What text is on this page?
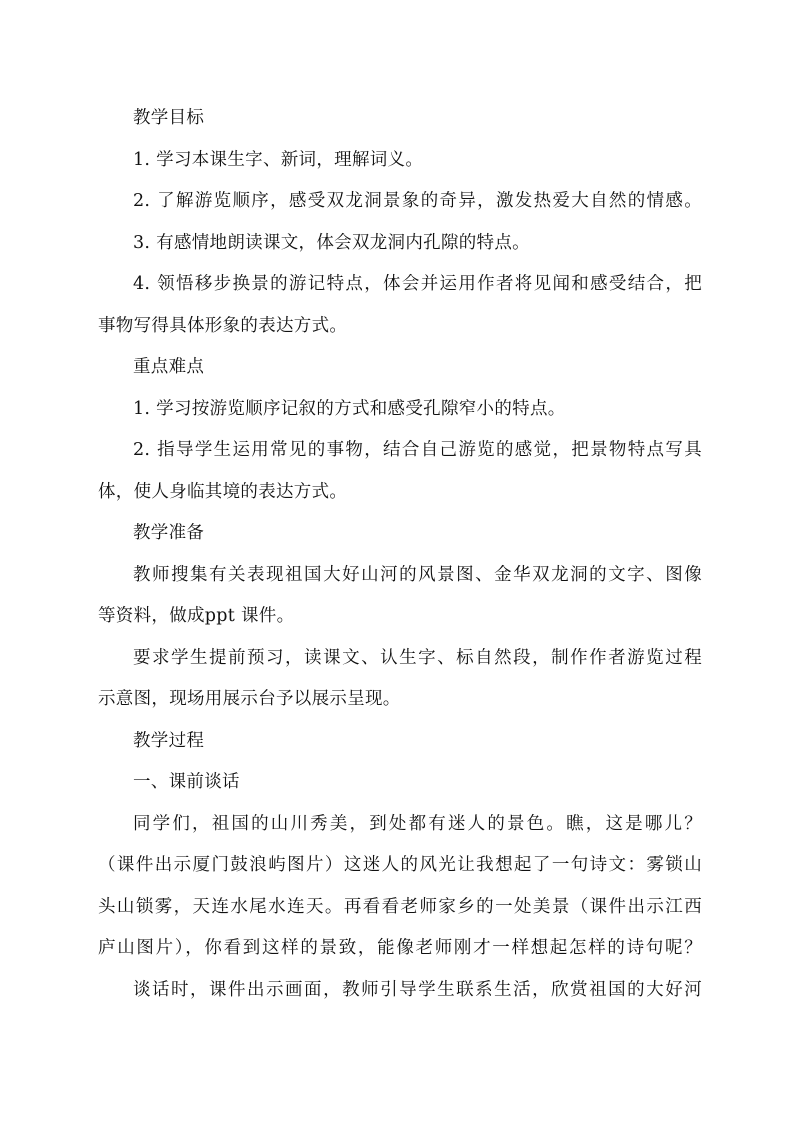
教学目标
1. 学习本课生字、新词，理解词义。
2. 了解游览顺序，感受双龙洞景象的奇异，激发热爱大自然的情感。
3. 有感情地朗读课文，体会双龙洞内孔隙的特点。
4. 领悟移步换景的游记特点，体会并运用作者将见闻和感受结合，把
事物写得具体形象的表达方式。
重点难点
1. 学习按游览顺序记叙的方式和感受孔隙窄小的特点。
2. 指导学生运用常见的事物，结合自己游览的感觉，把景物特点写具
体，使人身临其境的表达方式。
教学准备
教师搜集有关表现祖国大好山河的风景图、金华双龙洞的文字、图像
等资料，做成ppt 课件。
要求学生提前预习，读课文、认生字、标自然段，制作作者游览过程
示意图，现场用展示台予以展示呈现。
教学过程
一、课前谈话
同学们，祖国的山川秀美，到处都有迷人的景色。瞧，这是哪儿？
（课件出示厦门鼓浪屿图片）这迷人的风光让我想起了一句诗文：雾锁山
头山锁雾，天连水尾水连天。再看看老师家乡的一处美景（课件出示江西
庐山图片），你看到这样的景致，能像老师刚才一样想起怎样的诗句呢？
谈话时，课件出示画面，教师引导学生联系生活，欣赏祖国的大好河
